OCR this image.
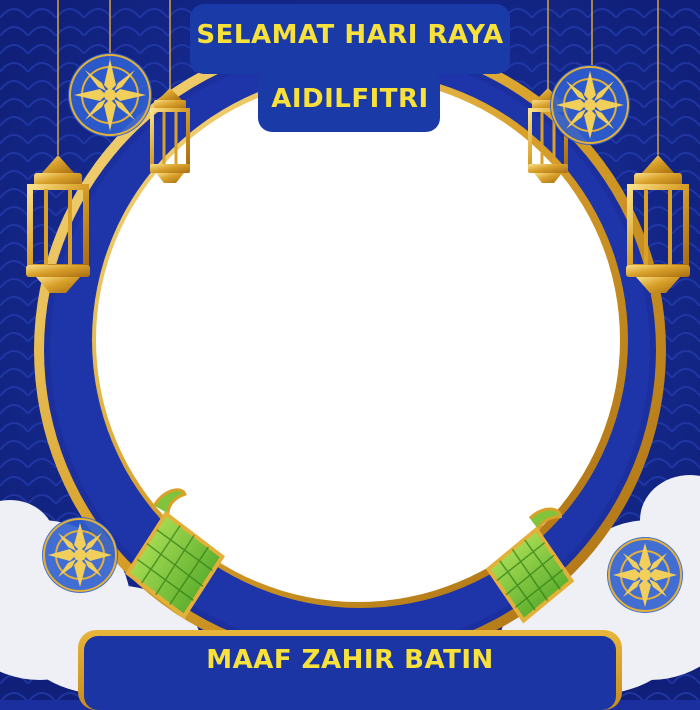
SELAMAT HARI RAYA
AIDILFITRI
MAAF ZAHIR BATIN
